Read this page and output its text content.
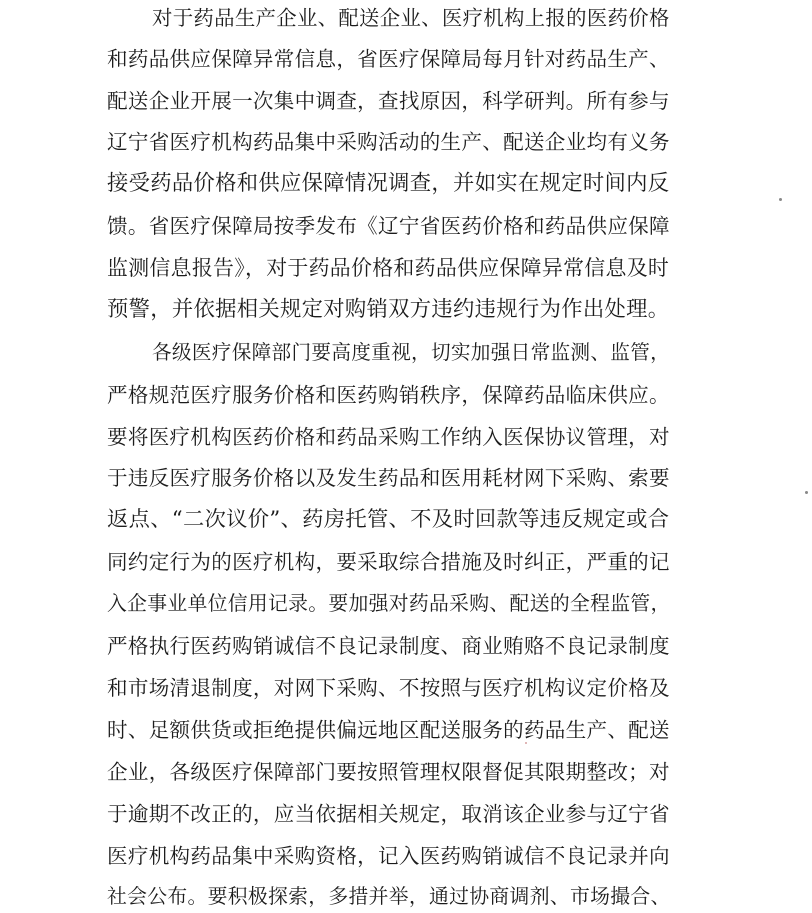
对于药品生产企业、配送企业、医疗机构上报的医药价格
和药品供应保障异常信息，省医疗保障局每月针对药品生产、
配送企业开展一次集中调查，查找原因，科学研判。所有参与
辽宁省医疗机构药品集中采购活动的生产、配送企业均有义务
接受药品价格和供应保障情况调查，并如实在规定时间内反
馈。省医疗保障局按季发布《辽宁省医药价格和药品供应保障
监测信息报告》，对于药品价格和药品供应保障异常信息及时
预警，并依据相关规定对购销双方违约违规行为作出处理。
各级医疗保障部门要高度重视，切实加强日常监测、监管，
严格规范医疗服务价格和医药购销秩序，保障药品临床供应。
要将医疗机构医药价格和药品采购工作纳入医保协议管理，对
于违反医疗服务价格以及发生药品和医用耗材网下采购、索要
返点、“二次议价”、药房托管、不及时回款等违反规定或合
同约定行为的医疗机构，要采取综合措施及时纠正，严重的记
入企事业单位信用记录。要加强对药品采购、配送的全程监管，
严格执行医药购销诚信不良记录制度、商业贿赂不良记录制度
和市场清退制度，对网下采购、不按照与医疗机构议定价格及
时、足额供货或拒绝提供偏远地区配送服务的药品生产、配送
企业，各级医疗保障部门要按照管理权限督促其限期整改；对
于逾期不改正的，应当依据相关规定，取消该企业参与辽宁省
医疗机构药品集中采购资格，记入医药购销诚信不良记录并向
社会公布。要积极探索，多措并举，通过协商调剂、市场撮合、
